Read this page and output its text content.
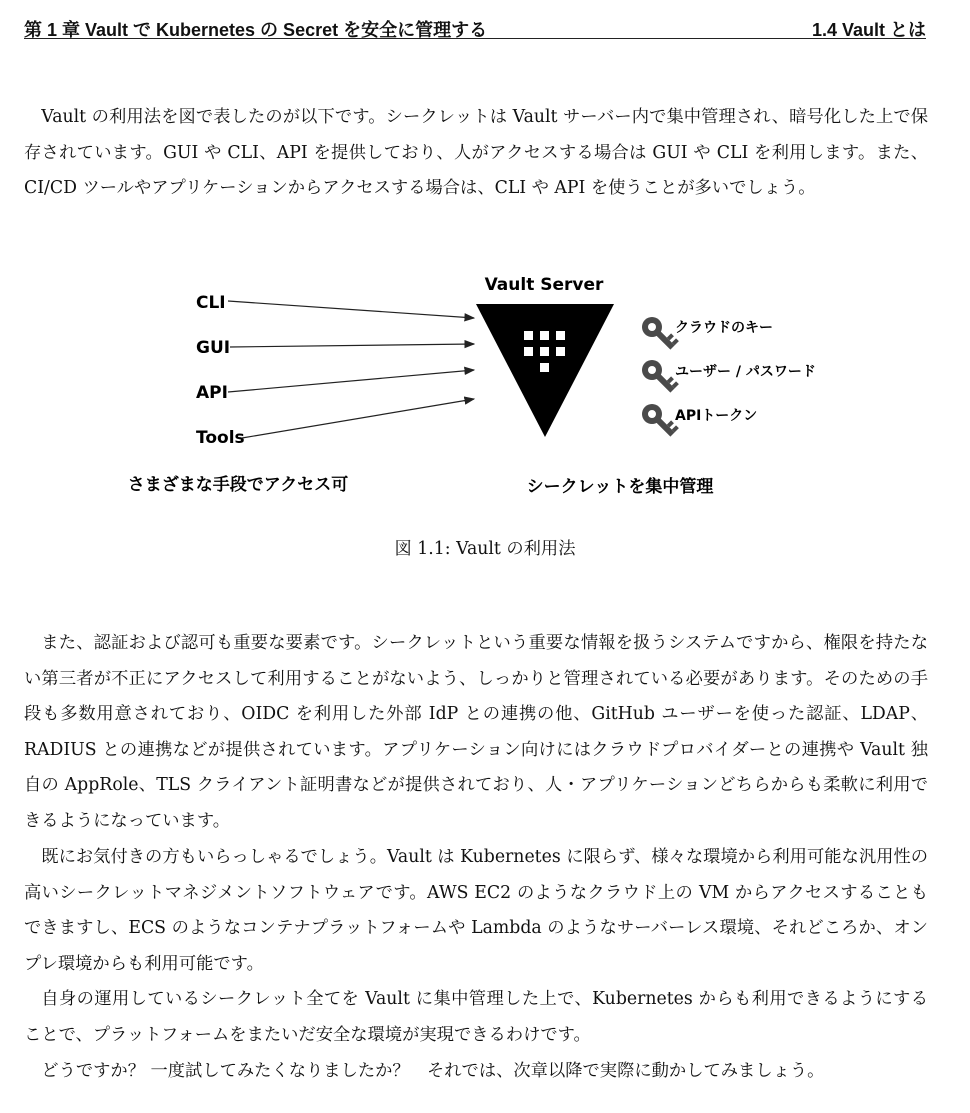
第 1 章 Vault で Kubernetes の Secret を安全に管理する	1.4 Vault とは

Vault の利用法を図で表したのが以下です。シークレットは Vault サーバー内で集中管理され、暗号化した上で保存されています。GUI や CLI、API を提供しており、人がアクセスする場合は GUI や CLI を利用します。また、CI/CD ツールやアプリケーションからアクセスする場合は、CLI や API を使うことが多いでしょう。

CLI
GUI
API
Tools
Vault Server
クラウドのキー
ユーザー / パスワード
APIトークン
さまざまな手段でアクセス可	シークレットを集中管理
図 1.1: Vault の利用法

また、認証および認可も重要な要素です。シークレットという重要な情報を扱うシステムですから、権限を持たない第三者が不正にアクセスして利用することがないよう、しっかりと管理されている必要があります。そのための手段も多数用意されており、OIDC を利用した外部 IdP との連携の他、GitHub ユーザーを使った認証、LDAP、RADIUS との連携などが提供されています。アプリケーション向けにはクラウドプロバイダーとの連携や Vault 独自の AppRole、TLS クライアント証明書などが提供されており、人・アプリケーションどちらからも柔軟に利用できるようになっています。

既にお気付きの方もいらっしゃるでしょう。Vault は Kubernetes に限らず、様々な環境から利用可能な汎用性の高いシークレットマネジメントソフトウェアです。AWS EC2 のようなクラウド上の VM からアクセスすることもできますし、ECS のようなコンテナプラットフォームや Lambda のようなサーバーレス環境、それどころか、オンプレ環境からも利用可能です。

自身の運用しているシークレット全てを Vault に集中管理した上で、Kubernetes からも利用できるようにすることで、プラットフォームをまたいだ安全な環境が実現できるわけです。

どうですか？ 一度試してみたくなりましたか？　それでは、次章以降で実際に動かしてみましょう。
